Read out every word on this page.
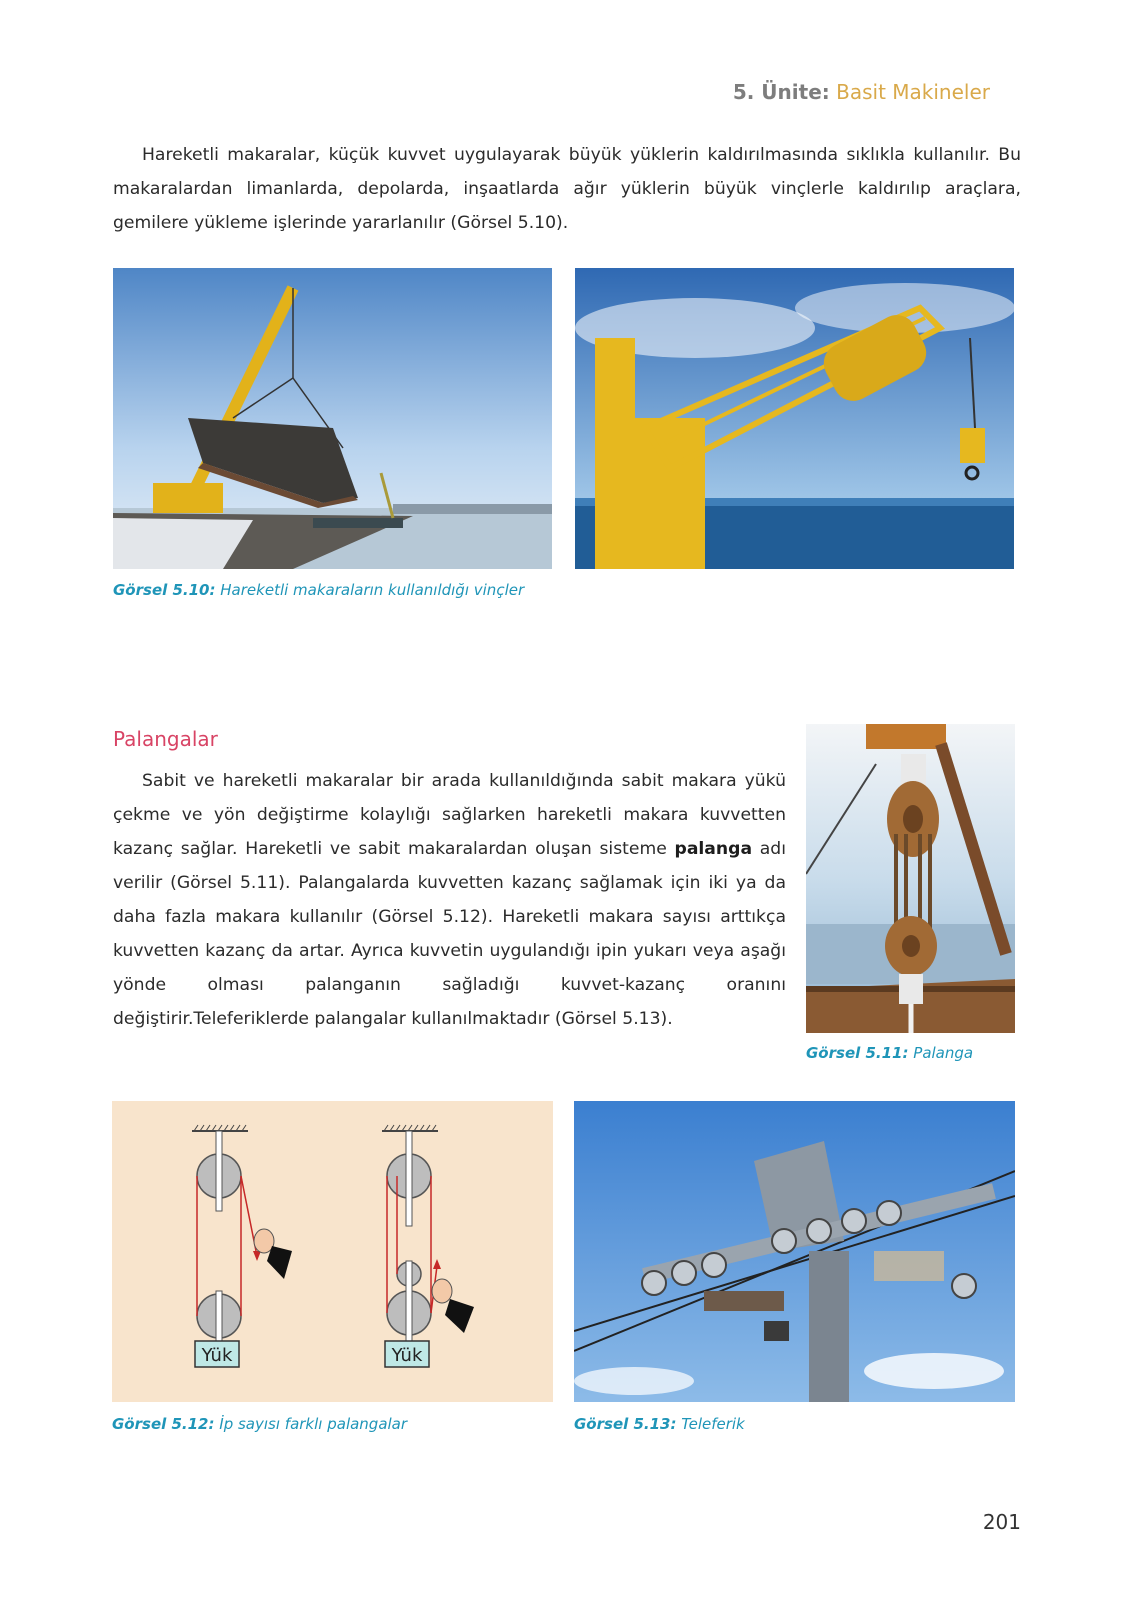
5. Ünite: Basit Makineler

Hareketli makaralar, küçük kuvvet uygulayarak büyük yüklerin kaldırılmasında sıklıkla kullanılır. Bu makaralardan limanlarda, depolarda, inşaatlarda ağır yüklerin büyük vinçlerle kaldırılıp araçlara, gemilere yükleme işlerinde yararlanılır (Görsel 5.10).

Görsel 5.10: Hareketli makaraların kullanıldığı vinçler
Palangalar

Sabit ve hareketli makaralar bir arada kullanıldığında sabit makara yükü çekme ve yön değiştirme kolaylığı sağlarken hareketli makara kuvvetten kazanç sağlar. Hareketli ve sabit makaralardan oluşan sisteme palanga adı verilir (Görsel 5.11). Palangalarda kuvvetten kazanç sağlamak için iki ya da daha fazla makara kullanılır (Görsel 5.12). Hareketli makara sayısı arttıkça kuvvetten kazanç da artar. Ayrıca kuvvetin uygulandığı ipin yukarı veya aşağı yönde olması palanganın sağladığı kuvvet-kazanç oranını değiştirir.Teleferiklerde palangalar kullanılmaktadır (Görsel 5.13).

Görsel 5.11: Palanga
Yük	Yük
Görsel 5.12: İp sayısı farklı palangalar	Görsel 5.13: Teleferik
201
